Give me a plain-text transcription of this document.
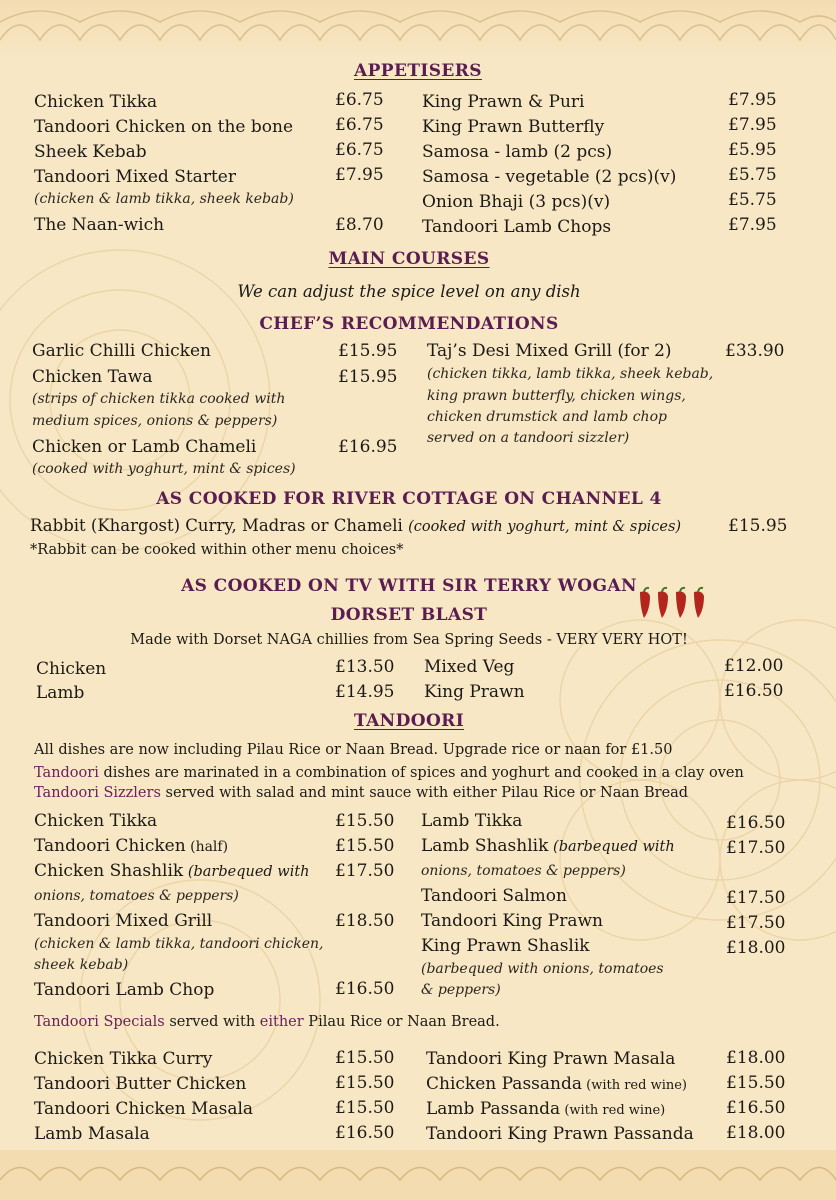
APPETISERS
Chicken Tikka	£6.75
Tandoori Chicken on the bone £6.75
Sheek Kebab	£6.75
Tandoori Mixed Starter	£7.95
(chicken & lamb tikka, sheek kebab)
The Naan-wich	£8.70
King Prawn & Puri	£7.95
King Prawn Butterfly	£7.95
Samosa - lamb (2 pcs)	£5.95
Samosa - vegetable (2 pcs)(v)	£5.75
Onion Bhaji (3 pcs)(v)	£5.75
Tandoori Lamb Chops	£7.95
MAIN COURSES
We can adjust the spice level on any dish
CHEF’S RECOMMENDATIONS
Garlic Chilli Chicken	£15.95
Chicken Tawa	£15.95
(strips of chicken tikka cooked with
medium spices, onions & peppers)
Chicken or Lamb Chameli	£16.95
(cooked with yoghurt, mint & spices)
Taj’s Desi Mixed Grill (for 2)	£33.90
(chicken tikka, lamb tikka, sheek kebab,
king prawn butterfly, chicken wings,
chicken drumstick and lamb chop
served on a tandoori sizzler)
AS COOKED FOR RIVER COTTAGE ON CHANNEL 4
Rabbit (Khargost) Curry, Madras or Chameli (cooked with yoghurt, mint & spices)	£15.95
*Rabbit can be cooked within other menu choices*
AS COOKED ON TV WITH SIR TERRY WOGAN
DORSET BLAST
Made with Dorset NAGA chillies from Sea Spring Seeds - VERY VERY HOT!
Chicken	£13.50
Lamb	£14.95
Mixed Veg	£12.00
King Prawn	£16.50
TANDOORI
All dishes are now including Pilau Rice or Naan Bread. Upgrade rice or naan for £1.50
Tandoori dishes are marinated in a combination of spices and yoghurt and cooked in a clay oven
Tandoori Sizzlers served with salad and mint sauce with either Pilau Rice or Naan Bread
Chicken Tikka	£15.50
Tandoori Chicken (half)	£15.50
Chicken Shashlik (barbequed with £17.50
onions, tomatoes & peppers)
Tandoori Mixed Grill	£18.50
(chicken & lamb tikka, tandoori chicken,
sheek kebab)
Tandoori Lamb Chop	£16.50
Lamb Tikka	£16.50
Lamb Shashlik (barbequed with	£17.50
onions, tomatoes & peppers)
Tandoori Salmon	£17.50
Tandoori King Prawn	£17.50
King Prawn Shaslik	£18.00
(barbequed with onions, tomatoes
& peppers)
Tandoori Specials served with either Pilau Rice or Naan Bread.
Chicken Tikka Curry	£15.50
Tandoori Butter Chicken	£15.50
Tandoori Chicken Masala	£15.50
Lamb Masala	£16.50
Tandoori King Prawn Masala	£18.00
Chicken Passanda (with red wine) £15.50
Lamb Passanda (with red wine)	£16.50
Tandoori King Prawn Passanda £18.00
